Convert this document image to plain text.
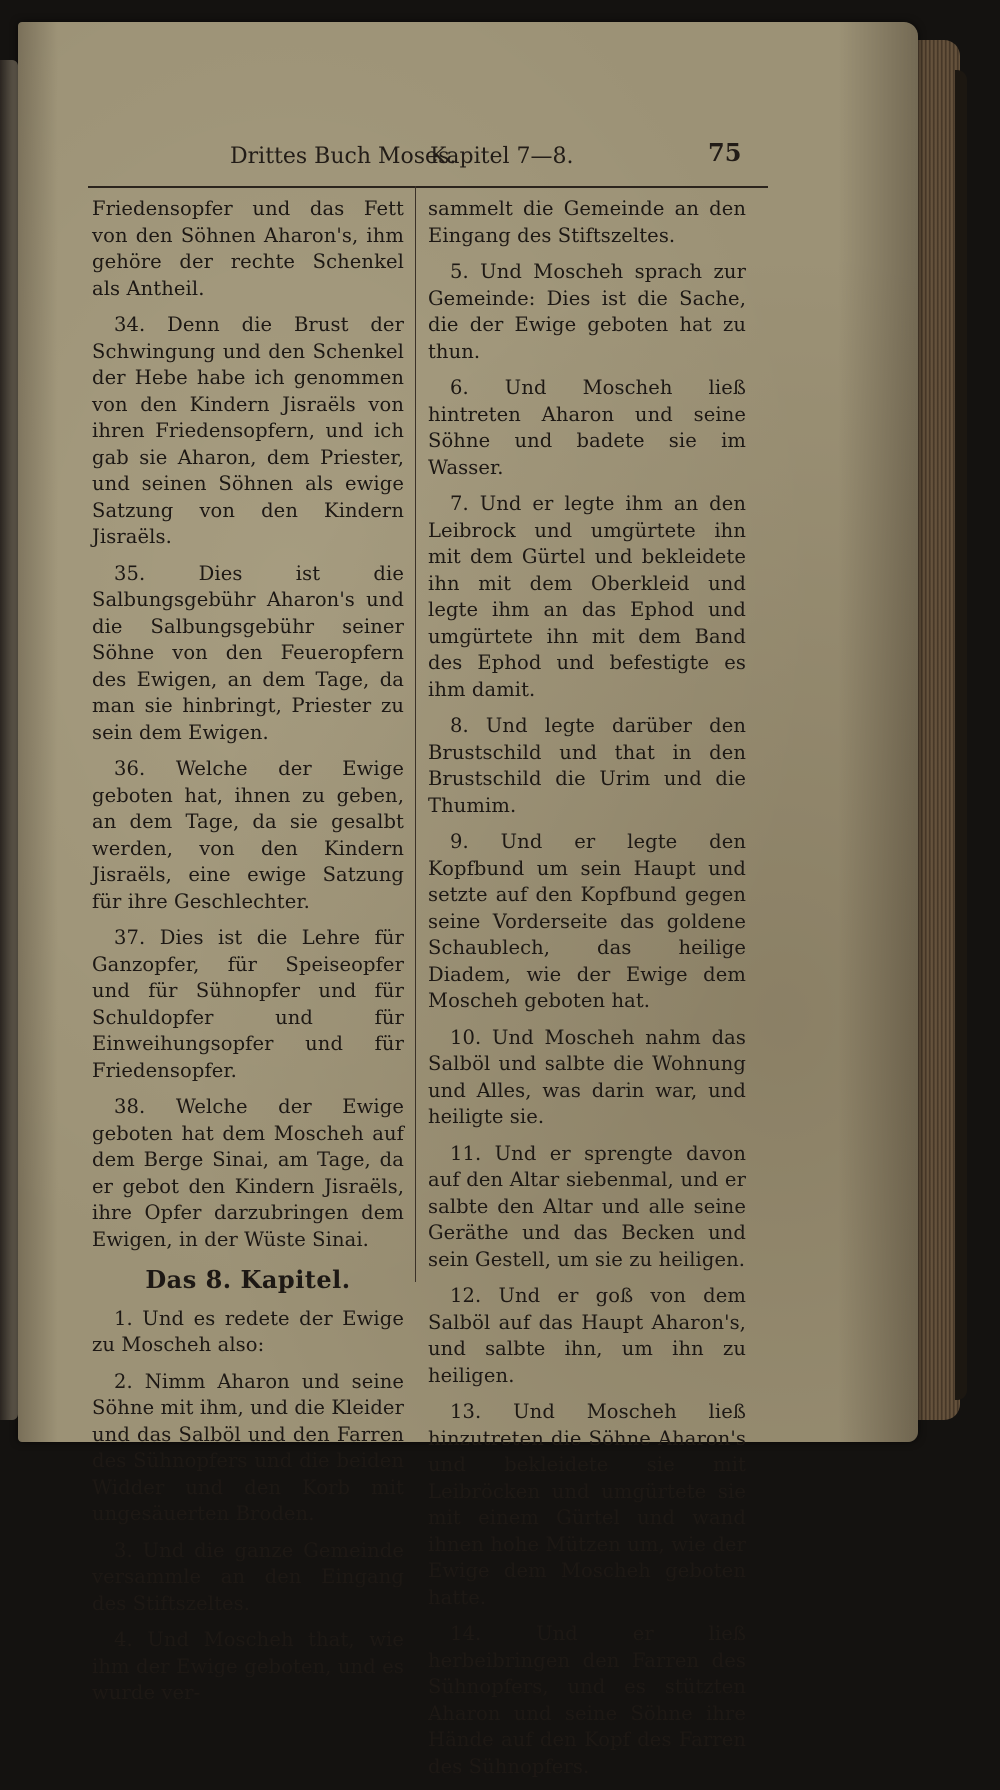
Drittes Buch Moses.
Kapitel 7—8.	75

Friedensopfer und das Fett von den Söhnen Aharon's, ihm gehöre der rechte Schenkel als Antheil.

34. Denn die Brust der Schwingung und den Schenkel der Hebe habe ich genommen von den Kindern Jisraëls von ihren Friedensopfern, und ich gab sie Aharon, dem Priester, und seinen Söhnen als ewige Satzung von den Kindern Jisraëls.

35. Dies ist die Salbungsgebühr Aharon's und die Salbungsgebühr seiner Söhne von den Feueropfern des Ewigen, an dem Tage, da man sie hinbringt, Priester zu sein dem Ewigen.

36. Welche der Ewige geboten hat, ihnen zu geben, an dem Tage, da sie gesalbt werden, von den Kindern Jisraëls, eine ewige Satzung für ihre Geschlechter.

37. Dies ist die Lehre für Ganzopfer, für Speiseopfer und für Sühnopfer und für Schuldopfer und für Einweihungsopfer und für Friedensopfer.

38. Welche der Ewige geboten hat dem Moscheh auf dem Berge Sinai, am Tage, da er gebot den Kindern Jisraëls, ihre Opfer darzubringen dem Ewigen, in der Wüste Sinai.

Das 8. Kapitel.

1. Und es redete der Ewige zu Moscheh also:

2. Nimm Aharon und seine Söhne mit ihm, und die Kleider und das Salböl und den Farren des Sühnopfers und die beiden Widder und den Korb mit ungesäuerten Broden.

3. Und die ganze Gemeinde versammle an den Eingang des Stiftszeltes.

4. Und Moscheh that, wie ihm der Ewige geboten, und es wurde ver-

sammelt die Gemeinde an den Eingang des Stiftszeltes.

5. Und Moscheh sprach zur Gemeinde: Dies ist die Sache, die der Ewige geboten hat zu thun.

6. Und Moscheh ließ hintreten Aharon und seine Söhne und badete sie im Wasser.

7. Und er legte ihm an den Leibrock und umgürtete ihn mit dem Gürtel und bekleidete ihn mit dem Oberkleid und legte ihm an das Ephod und umgürtete ihn mit dem Band des Ephod und befestigte es ihm damit.

8. Und legte darüber den Brustschild und that in den Brustschild die Urim und die Thumim.

9. Und er legte den Kopfbund um sein Haupt und setzte auf den Kopfbund gegen seine Vorderseite das goldene Schaublech, das heilige Diadem, wie der Ewige dem Moscheh geboten hat.

10. Und Moscheh nahm das Salböl und salbte die Wohnung und Alles, was darin war, und heiligte sie.

11. Und er sprengte davon auf den Altar siebenmal, und er salbte den Altar und alle seine Geräthe und das Becken und sein Gestell, um sie zu heiligen.

12. Und er goß von dem Salböl auf das Haupt Aharon's, und salbte ihn, um ihn zu heiligen.

13. Und Moscheh ließ hinzutreten die Söhne Aharon's und bekleidete sie mit Leibröcken und umgürtete sie mit einem Gürtel und wand ihnen hohe Mützen um, wie der Ewige dem Moscheh geboten hatte.

14. Und er ließ herbeibringen den Farren des Sühnopfers, und es stützten Aharon und seine Söhne ihre Hände auf den Kopf des Farren des Sühnopfers.
